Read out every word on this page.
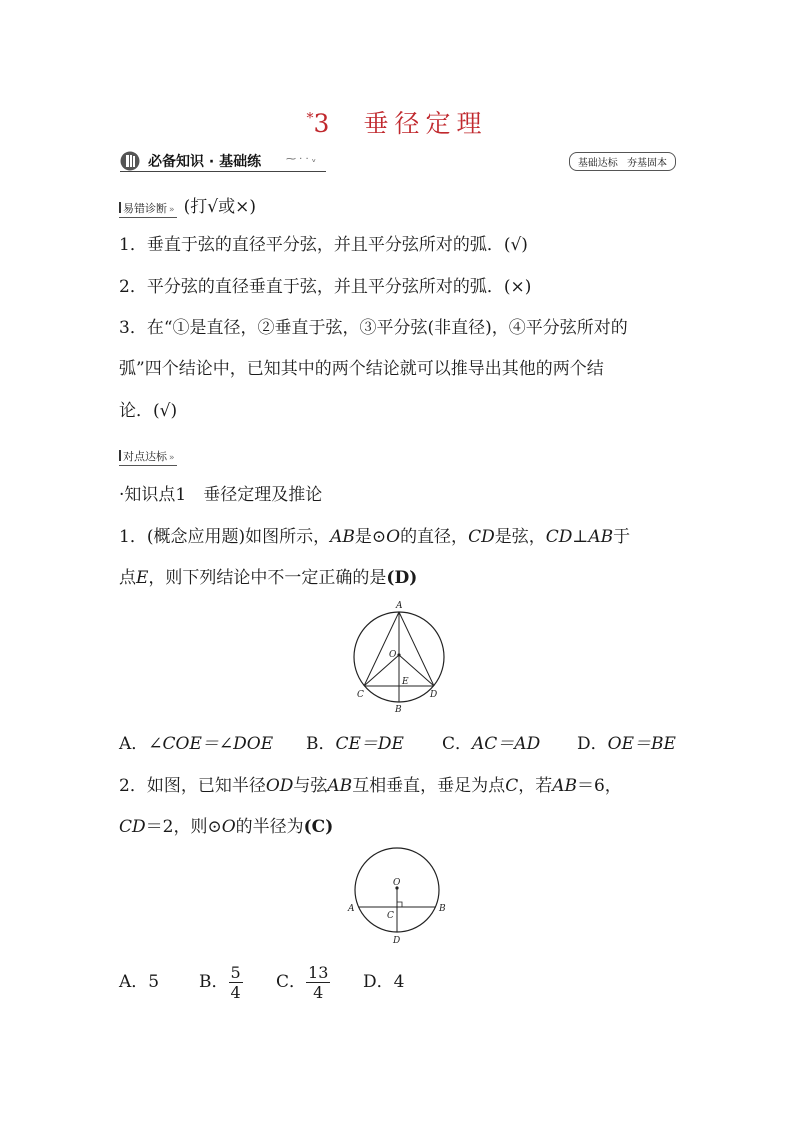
*3 垂径定理
必备知识 · 基础练 ⁓ · · ᵥ	基础达标 夯基固本
易错诊断 » (打√或×)
1．垂直于弦的直径平分弦，并且平分弦所对的弧．(√)
2．平分弦的直径垂直于弦，并且平分弦所对的弧．(×)
3．在“①是直径，②垂直于弦，③平分弦(非直径)，④平分弦所对的
弧”四个结论中，已知其中的两个结论就可以推导出其他的两个结
论．(√)
对点达标 »
·知识点1　垂径定理及推论
1．(概念应用题)如图所示，AB是⊙O的直径，CD是弦，CD⊥AB于
点E，则下列结论中不一定正确的是(D)
A
O
E
C	D
B
A．∠COE＝∠DOE B．CE＝DE C．AC＝AD D．OE＝BE
2．如图，已知半径OD与弦AB互相垂直，垂足为点C，若AB＝6，
CD＝2，则⊙O的半径为(C)
O
A
C
B
D
A．5 B． $\frac{5}{4}$ C． $\frac{13}{4}$ D．4
